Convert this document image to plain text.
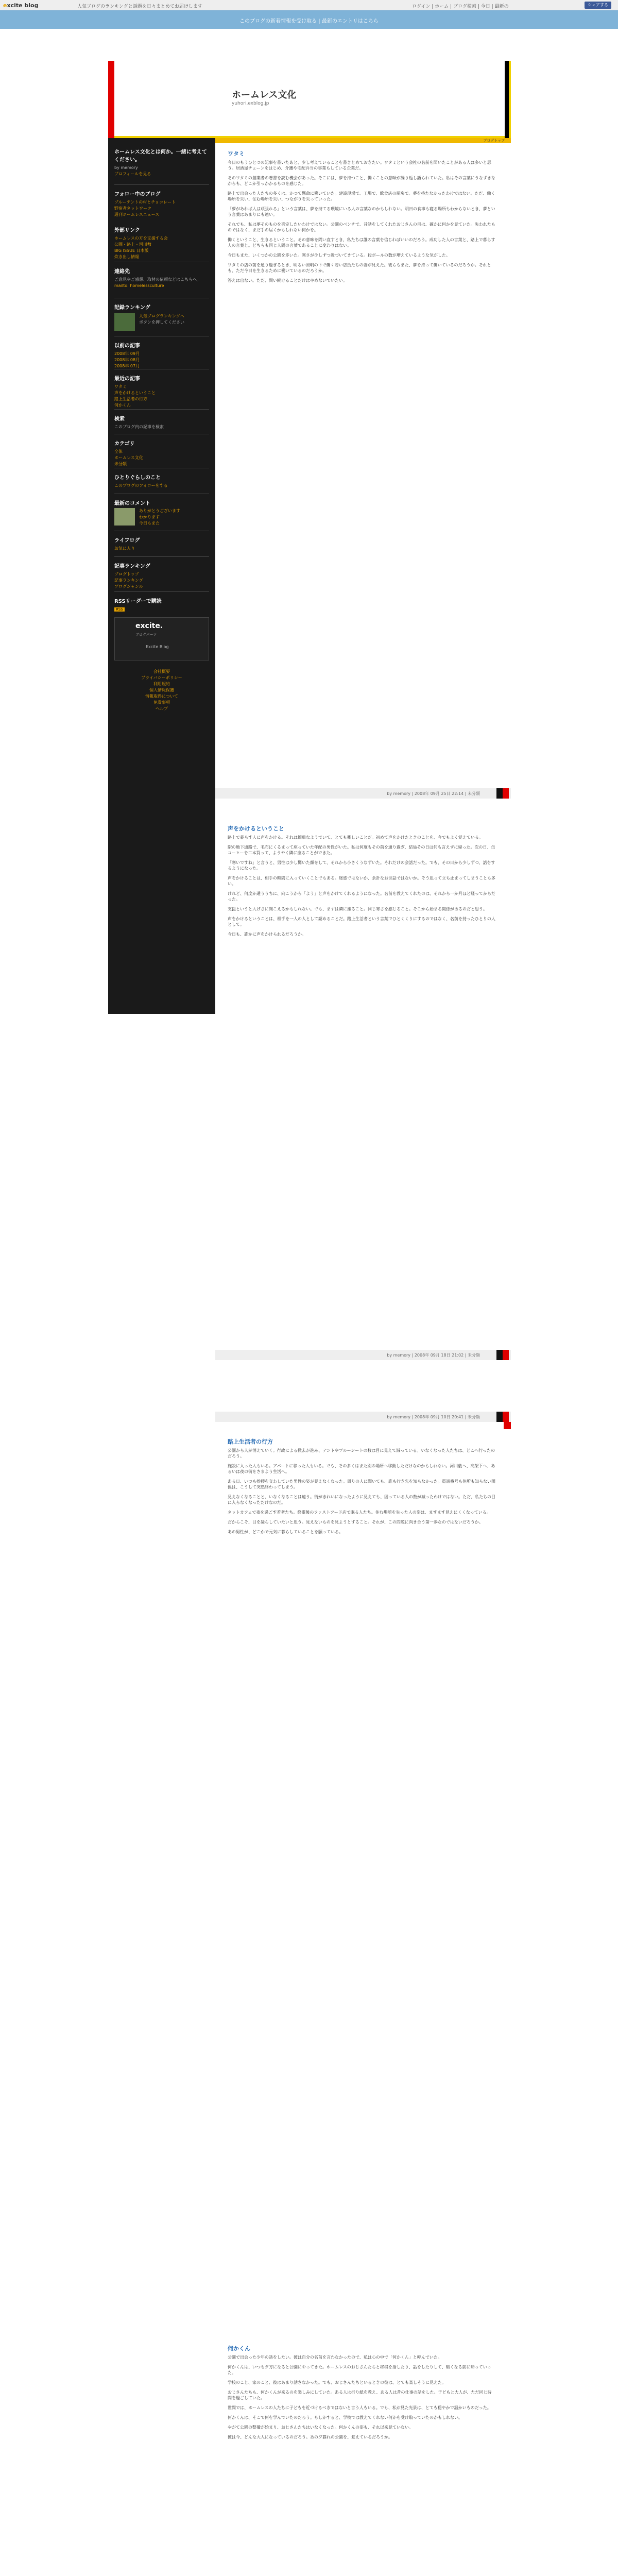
excite blog	人気ブログのランキングと話題を日々まとめてお届けします	ログイン | ホーム | ブログ検索 | 今日 | 最新の	シェアする
このブログの新着情報を受け取る | 最新のエントリはこちら
ホームレス文化
yuhori.exblog.jp
ブログトップ
ホームレス文化とは何か。一緒に考えてください。
by memory
プロフィールを見る
フォロー中のブログ
ブルーテントの村とチョコレート
野宿者ネットワーク
週刊ホームレスニュース
外部リンク
ホームレスの方を支援する会
公園・路上・河川敷
BIG ISSUE 日本版
炊き出し情報
連絡先
ご意見やご感想、取材の依頼などはこちらへ。
mailto: homelessculture
記録ランキング
人気ブログランキングへ
ボタンを押してください
以前の記事
2008年 09月
2008年 08月
2008年 07月
最近の記事
ワタミ
声をかけるということ
路上生活者の行方
何かくん
検索
このブログ内の記事を検索
カテゴリ
全体
ホームレス文化
未分類
ひとりぐらしのこと
このブログのフォローをする
最新のコメント
ありがとうございます
わかります
今日もまた
ライフログ
お気に入り
記事ランキング
ブログトップ
記事ランキング
ブログジャンル
RSSリーダーで購読
RSS
excite.
ブログパーツ
Excite Blog
会社概要
プライバシーポリシー
利用規約
個人情報保護
情報取得について
免責事項
ヘルプ
ワタミ

今日のもうひとつの記事を書いたあと、少し考えていることを書きとめておきたい。ワタミという会社の名前を聞いたことがある人は多いと思う。居酒屋チェーンをはじめ、介護や宅配弁当の事業もしている企業だ。

そのワタミの創業者の著書を読む機会があった。そこには、夢を持つこと、働くことの意味が繰り返し語られていた。私はその言葉にうなずきながらも、どこか引っかかるものを感じた。

路上で出会った人たちの多くは、かつて懸命に働いていた。建設現場で、工場で、飲食店の厨房で。夢を持たなかったわけではない。ただ、働く場所を失い、住む場所を失い、つながりを失っていった。

「夢があれば人は頑張れる」という言葉は、夢を持てる環境にいる人の言葉なのかもしれない。明日の食事も寝る場所もわからないとき、夢という言葉はあまりにも遠い。

それでも、私は夢そのものを否定したいわけではない。公園のベンチで、昔話をしてくれたおじさんの目は、確かに何かを見ていた。失われたものではなく、まだ手の届くかもしれない何かを。

働くということ、生きるということ。その意味を問い直すとき、私たちは誰の言葉を信じればいいのだろう。成功した人の言葉と、路上で暮らす人の言葉と。どちらも同じ人間の言葉であることに変わりはない。

今日もまた、いくつかの公園を歩いた。寒さが少しずつ近づいてきている。段ボールの数が増えているような気がした。

ワタミの店の前を通り過ぎるとき、明るい照明の下で働く若い店員たちの姿が見えた。彼らもまた、夢を持って働いているのだろうか。それとも、ただ今日を生きるために働いているのだろうか。

答えは出ない。ただ、問い続けることだけはやめないでいたい。

by memory | 2008年 09月 25日 22:14 | 未分類
声をかけるということ

路上で暮らす人に声をかける。それは簡単なようでいて、とても難しいことだ。初めて声をかけたときのことを、今でもよく覚えている。

駅の地下通路で、毛布にくるまって座っていた年配の男性がいた。私は何度もその前を通り過ぎ、結局その日は何も言えずに帰った。次の日、缶コーヒーを二本買って、ようやく隣に座ることができた。

「寒いですね」と言うと、男性は少し驚いた顔をして、それから小さくうなずいた。それだけの会話だった。でも、その日から少しずつ、話をするようになった。

声をかけることは、相手の時間に入っていくことでもある。迷惑ではないか、余計なお世話ではないか。そう思って立ち止まってしまうことも多い。

けれど、何度か通ううちに、向こうから「よう」と声をかけてくれるようになった。名前を教えてくれたのは、それから一か月ほど経ってからだった。

支援というと大げさに聞こえるかもしれない。でも、まずは隣に座ること。同じ寒さを感じること。そこから始まる関係があるのだと思う。

声をかけるということは、相手を一人の人として認めることだ。路上生活者という言葉でひとくくりにするのではなく、名前を持ったひとりの人として。

今日も、誰かに声をかけられるだろうか。

by memory | 2008年 09月 18日 21:02 | 未分類
路上生活者の行方

公園から人が消えていく。行政による撤去が進み、テントやブルーシートの数は目に見えて減っている。いなくなった人たちは、どこへ行ったのだろう。

施設に入った人もいる。アパートに移った人もいる。でも、その多くはまた別の場所へ移動しただけなのかもしれない。河川敷へ、高架下へ、あるいは夜の街をさまよう生活へ。

ある日、いつも挨拶を交わしていた男性の姿が見えなくなった。周りの人に聞いても、誰も行き先を知らなかった。電話番号も住所も知らない関係は、こうして突然終わってしまう。

見えなくなることと、いなくなることは違う。街がきれいになったように見えても、困っている人の数が減ったわけではない。ただ、私たちの目に入らなくなっただけなのだ。

ネットカフェで夜を過ごす若者たち。終電後のファストフード店で眠る人たち。住む場所を失った人の姿は、ますます見えにくくなっている。

だからこそ、目を凝らしていたいと思う。見えないものを見ようとすること。それが、この問題に向き合う第一歩なのではないだろうか。

あの男性が、どこかで元気に暮らしていることを願っている。

by memory | 2008年 09月 10日 20:41 | 未分類
何かくん

公園で出会った少年の話をしたい。彼は自分の名前を言わなかったので、私は心の中で「何かくん」と呼んでいた。

何かくんは、いつも夕方になると公園にやってきた。ホームレスのおじさんたちと将棋を指したり、話をしたりして、暗くなる前に帰っていった。

学校のこと、家のこと、彼はあまり話さなかった。でも、おじさんたちといるときの彼は、とても楽しそうに見えた。

おじさんたちも、何かくんが来るのを楽しみにしていた。ある人は折り紙を教え、ある人は昔の仕事の話をした。子どもと大人が、ただ同じ時間を過ごしていた。

世間では、ホームレスの人たちに子どもを近づけるべきではないと言う人もいる。でも、私が見た光景は、とても穏やかで温かいものだった。

何かくんは、そこで何を学んでいたのだろう。もしかすると、学校では教えてくれない何かを受け取っていたのかもしれない。

やがて公園の整備が始まり、おじさんたちはいなくなった。何かくんの姿も、それ以来見ていない。

彼は今、どんな大人になっているのだろう。あの夕暮れの公園を、覚えているだろうか。
